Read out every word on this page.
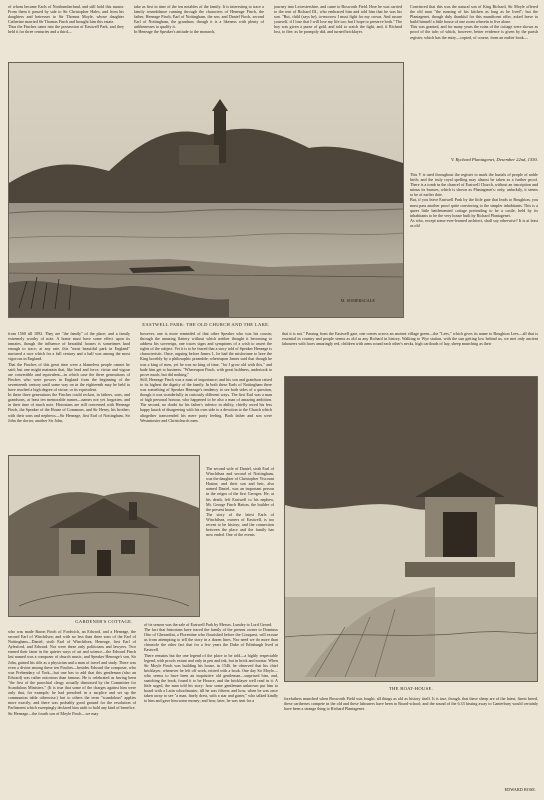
of whom became Earls of Northumberland, and still hold this manor. From them it passed by sale to Sir Christopher Hales, and from his daughters and heiresses to Sir Thomas Moyle, whose daughter Catherine married Sir Thomas Finch and brought him this estate.
Thus the Finches came into the possession of Eastwell Park, and they held it for three centuries and a third—
take as first in time of the ten notables of the family. It is interesting to trace a family resemblance running through the characters of Heneage Finch, the father, Heneage Finch, Earl of Nottingham, the son, and Daniel Finch, second Earl of Nottingham, the grandson; though it is a likeness with plenty of unlikenesses to qualify it.
In Heneage the Speaker's attitude to the monarch,
journey into Leicestershire, and came to Bosworth Field. Here he was carried to the tent of Richard III., who embraced him and told him that he was his son. "But, child (says he), to-morrow I must fight for my crown. And assure yourself, if I lose that I will lose my life too; but I hope to preserve both." The boy was given a purse of gold, and told to watch the fight, and, if Richard lost, to flee; as he promptly did, and turned bricklayer.
Convinced that this was the natural son of King Richard, Sir Moyle offered the old man "the running of his kitchen as long as he lived"; but the Plantagenet, though duly thankful for this munificent offer, asked leave to build himself a little house of one room wherein to live alone.
This was granted, and for many years the ruins of the cottage were shown as proof of the tale; of which, however, better evidence is given by the parish register, which has the entry—copied, of course, from an earlier book—
V. Rychard Plantagenet, Desember 22nd, 1550.
This V is used throughout the register to mark the burials of people of noble birth; and the truly royal spelling may almost be taken as a further proof. There is a tomb in the chancel of Eastwell Church, without an inscription and minus its brasses, which is shown as Plantagenet's: only, unluckily, it seems to be of earlier date.
But, if you leave Eastwell Park by the little gate that leads to Boughton, you must pass another proof quite convincing to the simpler inhabitants. This is a queer little battlemented cottage pretending to be a castle, held by its inhabitants to be the very house built by Richard Plantagenet.
As who, except some ever-learned architect, shall say otherwise? It is at least as old
M. SOMERSCALE
EASTWELL PARK: THE OLD CHURCH AND THE LAKE.
from 1560 till 1892. They are "the family" of the place; and a family extremely worthy of note. A home must have some effect upon its inmates, though the influence of beautiful houses is sometimes hard enough to trace; at any rate, this "most beautiful park in England" nurtured a race which for a full century and a half was among the most vigorous in England.
That the Finches of this great time were a blameless people cannot be said; but one might maintain that, like lead and force, virtue and vigour are convertible and equivalent—in which case the three generations of Finches who were powers in England from the beginning of the seventeenth century until some way on in the eighteenth may be held to have reached a high degree of virtue, or its equivalent.
In these three generations the Finches could reckon, in fathers, sons, and grandsons, at least ten memorable names—names not yet forgotten, and in their time of much note. Historians are still concerned with Heneage Finch, the Speaker of the House of Commons, and Sir Henry, his brother; with their sons and nephews—Sir Heneage, first Earl of Nottingham, Sir John the doctor, another Sir John,
however, one is more reminded of that other Speaker who was his cousin; through the amazing flattery without which neither thought it becoming to address his sovereign, one traces signs and symptoms of a wish to assert the rights of the subject. Yet it is to be feared that a story told of Speaker Heneage is characteristic. Once, arguing before James I., he had the misfortune to bore the King horribly by a philosophic preamble; whereupon James said that though he was a king of men, yet he was no king of time, "for I grow old with this," and bade him get to business. "Whereupon Finch, with great boldness, undertook to prove much, but did nothing."
Still, Heneage Finch was a man of importance; and his son and grandson raised to its highest the dignity of the family. In both these Earls of Nottingham there was something of Speaker Heneage's tendency to see both sides of a question, though it was wonderfully in curiously different ways. The first Earl was a man of high personal honour, who happened to be also a man of amazing ambition. The second, no doubt far his father's inferior in ability, chiefly owed his less happy knack of disagreeing with his own side to a devotion to the Church which altogether transcended his mere party feeling. Both father and son were Westminster and Christchurch men.
that it is not." Passing from the Eastwell gate, one comes across an ancient village green—the "Lees," which gives its name to Boughton Lees—all that is essential in country and people seems as old as any Richard in history. Walking to Wye station, with the sun getting low behind us, we met only ancient labourers with faces amazingly red, children with arms round each other's necks, high cartloads of hay, sheep munching as their
GARDENER'S COTTAGE.
The second wife of Daniel, sixth Earl of Winchilsea and second of Nottingham, was the daughter of Christopher Viscount Hatton; and their son and heir, also named Daniel, was an important person in the reigns of the first Georges. He, at his death, left Eastwell to his nephew, Mr. George Finch Hatton, the builder of the present house.
The story of the latest Earls of Winchilsea, owners of Eastwell, is too recent to be history; and the connection between the place and the family has now ended. One of the events
who was made Baron Finch of Fordwich, an Edward, and a Heneage, the second Earl of Winchilsea; and with no less than three sons of the Earl of Nottingham—Daniel, sixth Earl of Winchilsea, Heneage, first Earl of Aylesford, and Edward. Nor were these only politicians and lawyers. Two earned their fame in the quieter ways of art and science—the Edward Finch last named was a composer of church music, and Speaker Heneage's son, Sir John, gained his title as a physician and a man of travel and study. There was even a divine among these ten Finches—besides Edward the composer, who was Prebendary of York—but one has to add that this gentleman (also an Edward) was rather notorious than famous. He is celebrated as having been "the first of the parochial clergy actually dismissed by the Committee for Scandalous Ministers." (It is true that some of the charges against him were only that, for example, he had preached in a surplice and set up the communion table otherwise.) but to others the term "scandalous" applies more exactly; and there was probably good ground for the resolution of Parliament which sweepingly declared him unfit to hold any kind of benefice.
Sir Heneage—the fourth son of Moyle Finch—we may
of its season was the sale of Eastwell Park by Messrs. Lumley to Lord Gerard.
The fact that historians have traced the family of the present owner to Dominus Otto of Gherardini, a Florentine who flourished before the Conquest, will excuse us from attempting to tell the story in a dozen lines. Nor need we do more than chronicle the other fact that for a few years the Duke of Edinburgh lived at Eastwell.
There remains but the one legend of the place to be told—a highly respectable legend, with proofs extant and only in pen and ink, but in brick and mortar. When Sir Moyle Finch was building his house, in 1546, he observed that his chief bricklayer, whenever he left off work, retired with a book. One day Sir Moyle—who seems to have been an inquisitive old gentleman—surprised him, and, snatching the book, found it to be Horace, and the bricklayer well read in it. A little urged, the man told his story: how some gentleman unknown put him to board with a Latin schoolmaster, till he was fifteen; and how, when he was once taken away to see "a man, finely drest, with a star and garter," who talked kindly to him and gave him some money; and how, later, he was sent for a
THE BOAT-HOUSE.
forefathers munched when Bosworth Field was fought; all things as old as history itself. It is true, though, that these sheep are of the latest, finest breed, these cartherses compete in the old and these labourers have been to Board-school; and the sound of the 6.33 hissing away to Canterbury would certainly have been a strange thing to Richard Plantagenet.
EDWARD ROSE.
